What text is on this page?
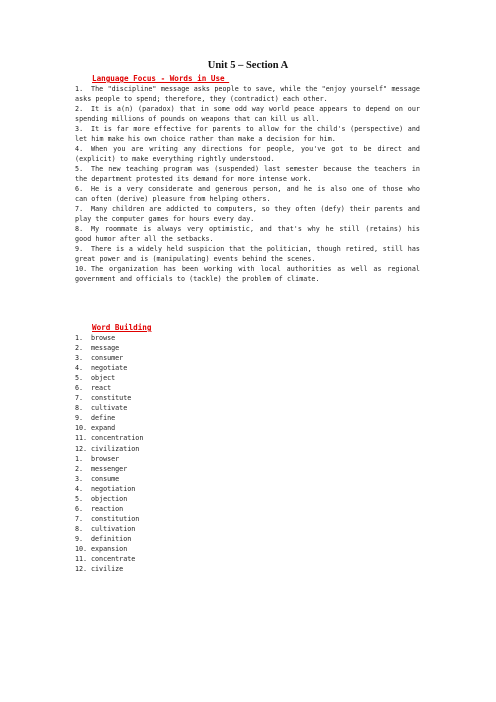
Unit 5 – Section A
Language Focus - Words in Use
1. The "discipline" message asks people to save, while the "enjoy yourself" message asks people to spend; therefore, they (contradict) each other.
2. It is a(n) (paradox) that in some odd way world peace appears to depend on our spending millions of pounds on weapons that can kill us all.
3. It is far more effective for parents to allow for the child's (perspective) and let him make his own choice rather than make a decision for him.
4. When you are writing any directions for people, you've got to be direct and (explicit) to make everything rightly understood.
5. The new teaching program was (suspended) last semester because the teachers in the department protested its demand for more intense work.
6. He is a very considerate and generous person, and he is also one of those who can often (derive) pleasure from helping others.
7. Many children are addicted to computers, so they often (defy) their parents and play the computer games for hours every day.
8. My roommate is always very optimistic, and that's why he still (retains) his good humor after all the setbacks.
9. There is a widely held suspicion that the politician, though retired, still has great power and is (manipulating) events behind the scenes.
10. The organization has been working with local authorities as well as regional government and officials to (tackle) the problem of climate.
Word Building
1. browse
2. message
3. consumer
4. negotiate
5. object
6. react
7. constitute
8. cultivate
9. define
10. expand
11. concentration
12. civilization
1. browser
2. messenger
3. consume
4. negotiation
5. objection
6. reaction
7. constitution
8. cultivation
9. definition
10. expansion
11. concentrate
12. civilize
